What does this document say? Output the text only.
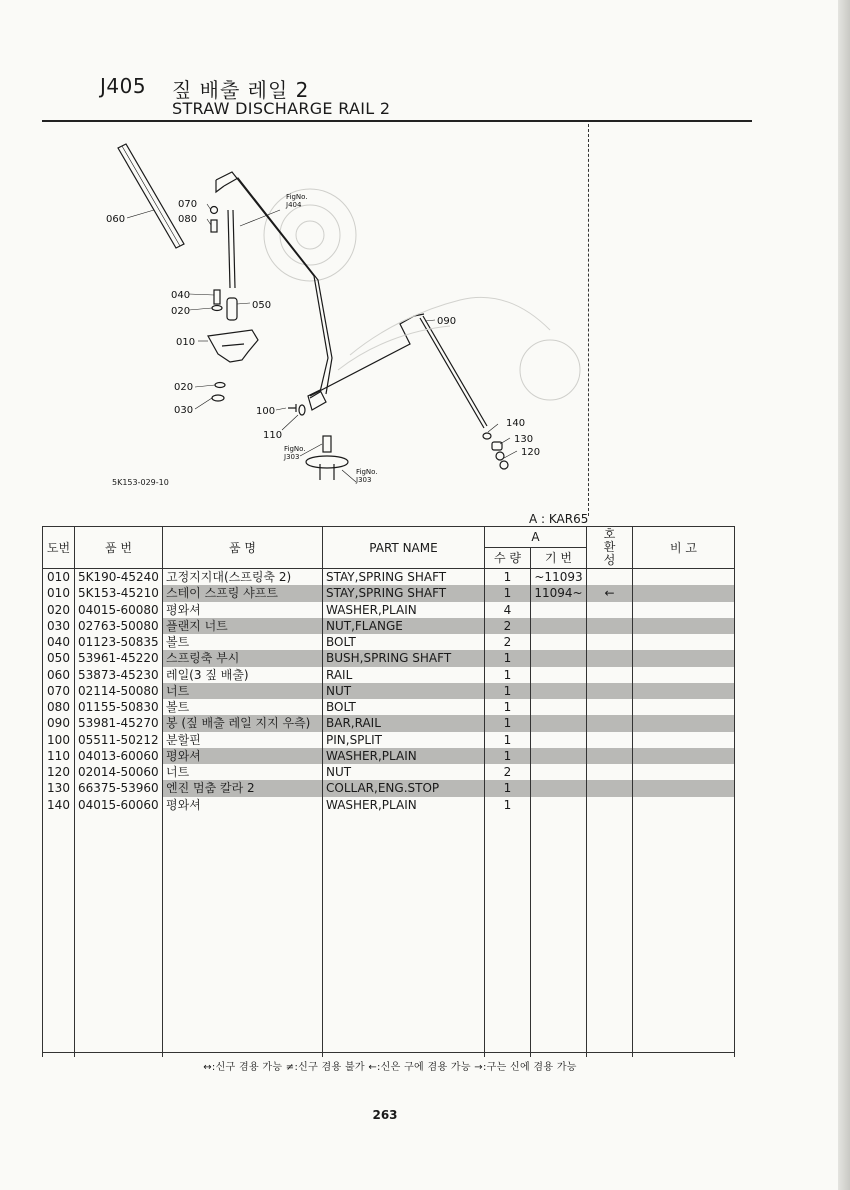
J405 짚 배출 레일 2
STRAW DISCHARGE RAIL 2
060
070
080
040
020
050
010
020
030	100
110
090
140
130
120
FigNo.
J404
FigNo.
J303
FigNo.
J303
5K153-029-10
A : KAR65
도번	품 번	품 명	PART NAME	A		호
환
성	비 고
				수 량	기 번		
010	5K190-45240	고정지지대(스프링축 2)	STAY,SPRING SHAFT	1	~11093		
010	5K153-45210	스테이 스프링 샤프트	STAY,SPRING SHAFT	1	11094~	←	
020	04015-60080	평와셔	WASHER,PLAIN	4			
030	02763-50080	플랜지 너트	NUT,FLANGE	2			
040	01123-50835	볼트	BOLT	2			
050	53961-45220	스프링축 부시	BUSH,SPRING SHAFT	1			
060	53873-45230	레일(3 짚 배출)	RAIL	1			
070	02114-50080	너트	NUT	1			
080	01155-50830	볼트	BOLT	1			
090	53981-45270	봉 (짚 배출 레일 지지 우측)	BAR,RAIL	1			
100	05511-50212	분할핀	PIN,SPLIT	1			
110	04013-60060	평와셔	WASHER,PLAIN	1			
120	02014-50060	너트	NUT	2			
130	66375-53960	엔진 멈춤 칼라 2	COLLAR,ENG.STOP	1			
140	04015-60060	평와셔	WASHER,PLAIN	1			

↔:신구 겸용 가능 ≠:신구 겸용 불가 ←:신은 구에 겸용 가능 →:구는 신에 겸용 가능
263
